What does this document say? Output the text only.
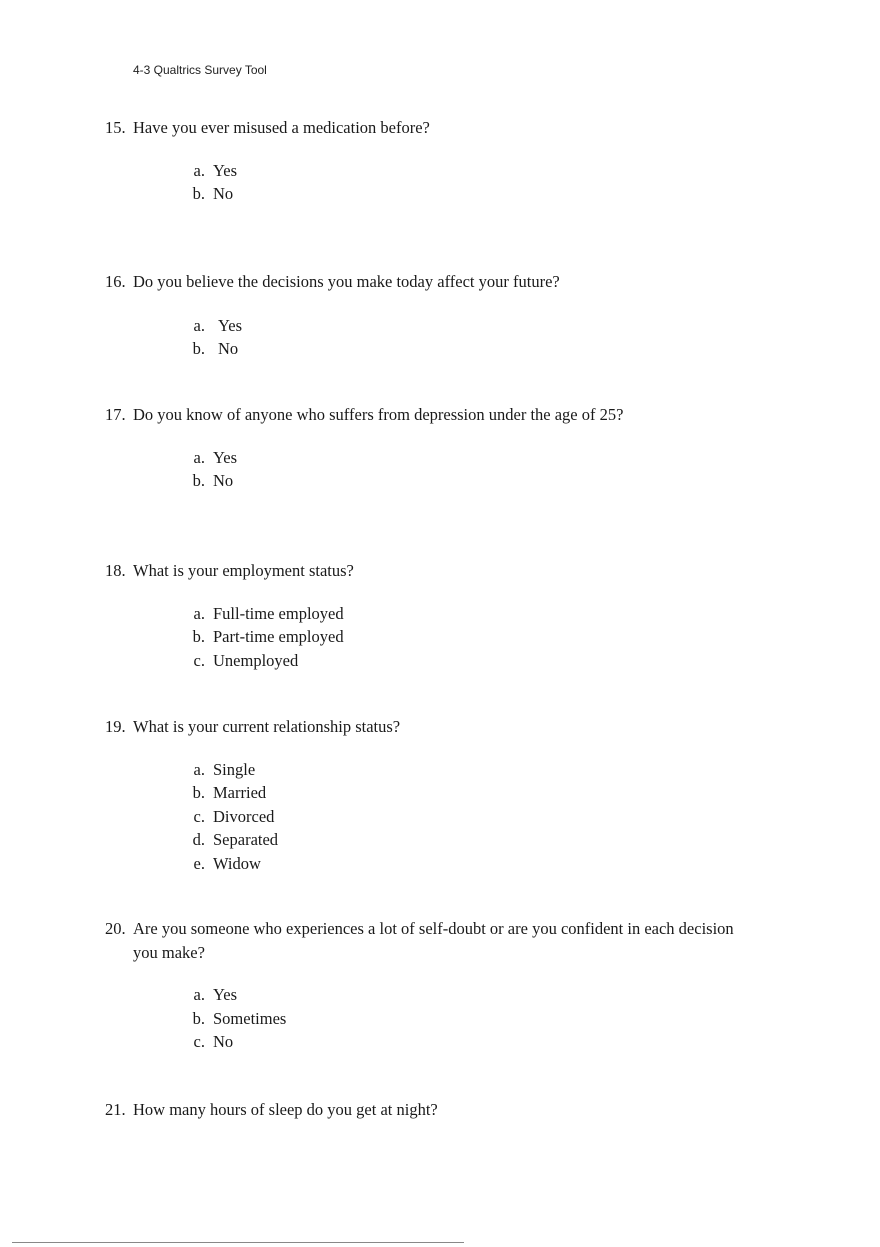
4-3 Qualtrics Survey Tool
15. Have you ever misused a medication before?
a. Yes
b. No
16. Do you believe the decisions you make today affect your future?
a. Yes
b. No
17. Do you know of anyone who suffers from depression under the age of 25?
a. Yes
b. No
18. What is your employment status?
a. Full-time employed
b. Part-time employed
c. Unemployed
19. What is your current relationship status?
a. Single
b. Married
c. Divorced
d. Separated
e. Widow
20. Are you someone who experiences a lot of self-doubt or are you confident in each decision you make?
a. Yes
b. Sometimes
c. No
21. How many hours of sleep do you get at night?
